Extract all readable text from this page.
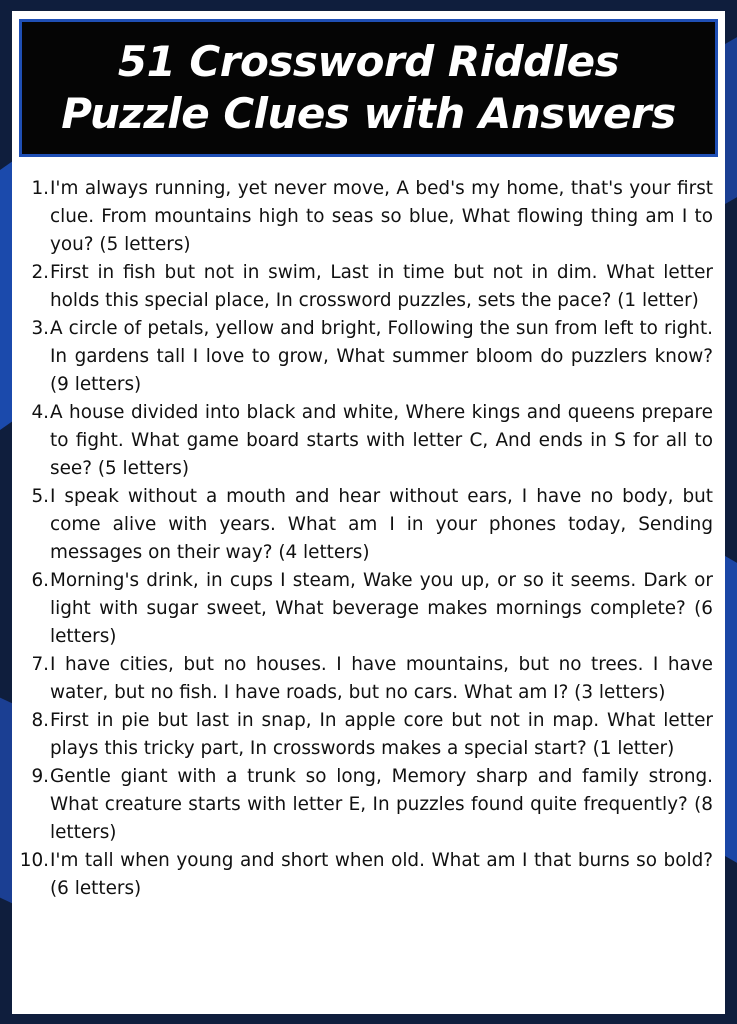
51 Crossword Riddles
Puzzle Clues with Answers
1. I'm always running, yet never move, A bed's my home, that's your first clue. From mountains high to seas so blue, What flowing thing am I to you? (5 letters)
2. First in fish but not in swim, Last in time but not in dim. What letter holds this special place, In crossword puzzles, sets the pace? (1 letter)
3. A circle of petals, yellow and bright, Following the sun from left to right. In gardens tall I love to grow, What summer bloom do puzzlers know? (9 letters)
4. A house divided into black and white, Where kings and queens prepare to fight. What game board starts with letter C, And ends in S for all to see? (5 letters)
5. I speak without a mouth and hear without ears, I have no body, but come alive with years. What am I in your phones today, Sending messages on their way? (4 letters)
6. Morning's drink, in cups I steam, Wake you up, or so it seems. Dark or light with sugar sweet, What beverage makes mornings complete? (6 letters)
7. I have cities, but no houses. I have mountains, but no trees. I have water, but no fish. I have roads, but no cars. What am I? (3 letters)
8. First in pie but last in snap, In apple core but not in map. What letter plays this tricky part, In crosswords makes a special start? (1 letter)
9. Gentle giant with a trunk so long, Memory sharp and family strong. What creature starts with letter E, In puzzles found quite frequently? (8 letters)
10. I'm tall when young and short when old. What am I that burns so bold? (6 letters)
